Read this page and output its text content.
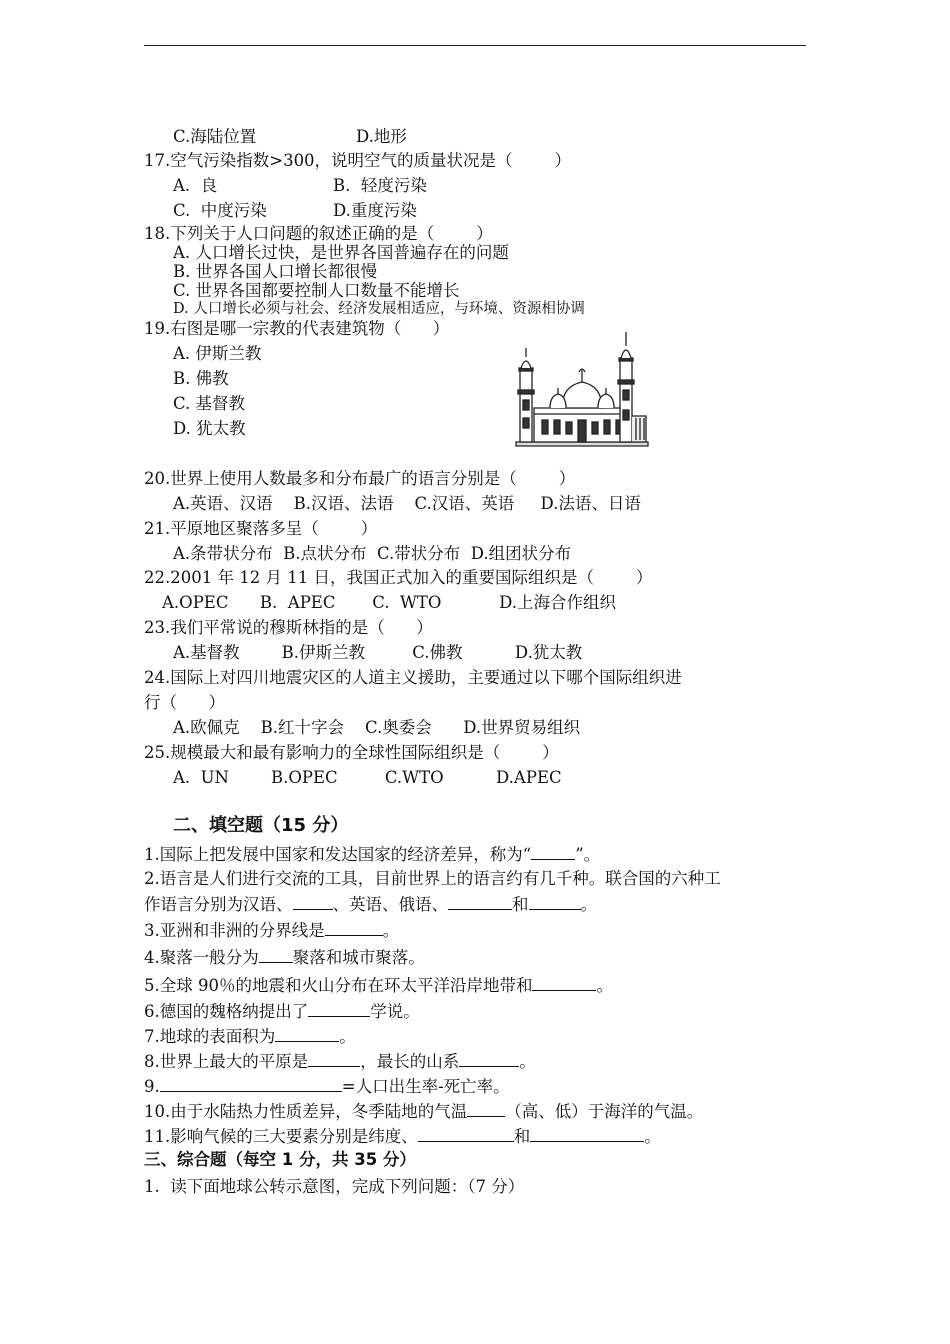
C.海陆位置	D.地形
17.空气污染指数>300，说明空气的质量状况是（        ）
A.  良	B.  轻度污染
C.  中度污染	D.重度污染
18.下列关于人口问题的叙述正确的是（        ）
A. 人口增长过快，是世界各国普遍存在的问题
B. 世界各国人口增长都很慢
C. 世界各国都要控制人口数量不能增长
D. 人口增长必须与社会、经济发展相适应，与环境、资源相协调
19.右图是哪一宗教的代表建筑物（      ）
A. 伊斯兰教
B. 佛教
C. 基督教
D. 犹太教
20.世界上使用人数最多和分布最广的语言分别是（        ）
A.英语、汉语    B.汉语、法语    C.汉语、英语     D.法语、日语
21.平原地区聚落多呈（        ）
A.条带状分布  B.点状分布  C.带状分布  D.组团状分布
22.2001 年 12 月 11 日，我国正式加入的重要国际组织是（        ）
A.OPEC      B.  APEC       C.  WTO           D.上海合作组织
23.我们平常说的穆斯林指的是（      ）
A.基督教        B.伊斯兰教         C.佛教          D.犹太教
24.国际上对四川地震灾区的人道主义援助，主要通过以下哪个国际组织进
行（      ）
A.欧佩克    B.红十字会    C.奥委会      D.世界贸易组织
25.规模最大和最有影响力的全球性国际组织是（        ）
A.  UN        B.OPEC         C.WTO          D.APEC
二、填空题（15 分）
1.国际上把发展中国家和发达国家的经济差异，称为“	”。
2.语言是人们进行交流的工具，目前世界上的语言约有几千种。联合国的六种工
作语言分别为汉语、 、英语、俄语、	和	。
3.亚洲和非洲的分界线是	。
4.聚落一般分为 聚落和城市聚落。
5.全球 90％的地震和火山分布在环太平洋沿岸地带和	。
6.德国的魏格纳提出了	学说。
7.地球的表面积为	。
8.世界上最大的平原是	，最长的山系	。
9.	=人口出生率-死亡率。
10.由于水陆热力性质差异，冬季陆地的气温 （高、低）于海洋的气温。
11.影响气候的三大要素分别是纬度、	和	。
三、综合题（每空 1 分，共 35 分）
1.  读下面地球公转示意图，完成下列问题：（7 分）
